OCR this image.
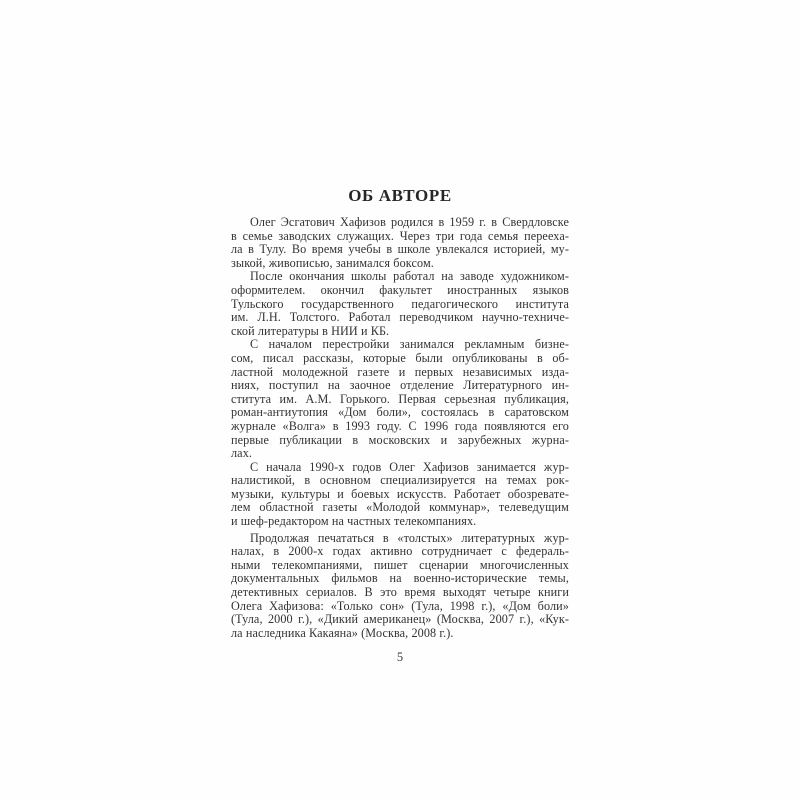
ОБ АВТОРЕ
Олег Эсгатович Хафизов родился в 1959 г. в Свердловске
в семье заводских служащих. Через три года семья перееха-
ла в Тулу. Во время учебы в школе увлекался историей, му-
зыкой, живописью, занимался боксом.
После окончания школы работал на заводе художником-
оформителем. окончил факультет иностранных языков
Тульского государственного педагогического института
им. Л.Н. Толстого. Работал переводчиком научно-техниче-
ской литературы в НИИ и КБ.
С началом перестройки занимался рекламным бизне-
сом, писал рассказы, которые были опубликованы в об-
ластной молодежной газете и первых независимых изда-
ниях, поступил на заочное отделение Литературного ин-
ститута им. А.М. Горького. Первая серьезная публикация,
роман-антиутопия «Дом боли», состоялась в саратовском
журнале «Волга» в 1993 году. С 1996 года появляются его
первые публикации в московских и зарубежных журна-
лах.
С начала 1990-х годов Олег Хафизов занимается жур-
налистикой, в основном специализируется на темах рок-
музыки, культуры и боевых искусств. Работает обозревате-
лем областной газеты «Молодой коммунар», телеведущим
и шеф-редактором на частных телекомпаниях.
Продолжая печататься в «толстых» литературных жур-
налах, в 2000-х годах активно сотрудничает с федераль-
ными телекомпаниями, пишет сценарии многочисленных
документальных фильмов на военно-исторические темы,
детективных сериалов. В это время выходят четыре книги
Олега Хафизова: «Только сон» (Тула, 1998 г.), «Дом боли»
(Тула, 2000 г.), «Дикий американец» (Москва, 2007 г.), «Кук-
ла наследника Какаяна» (Москва, 2008 г.).
5
